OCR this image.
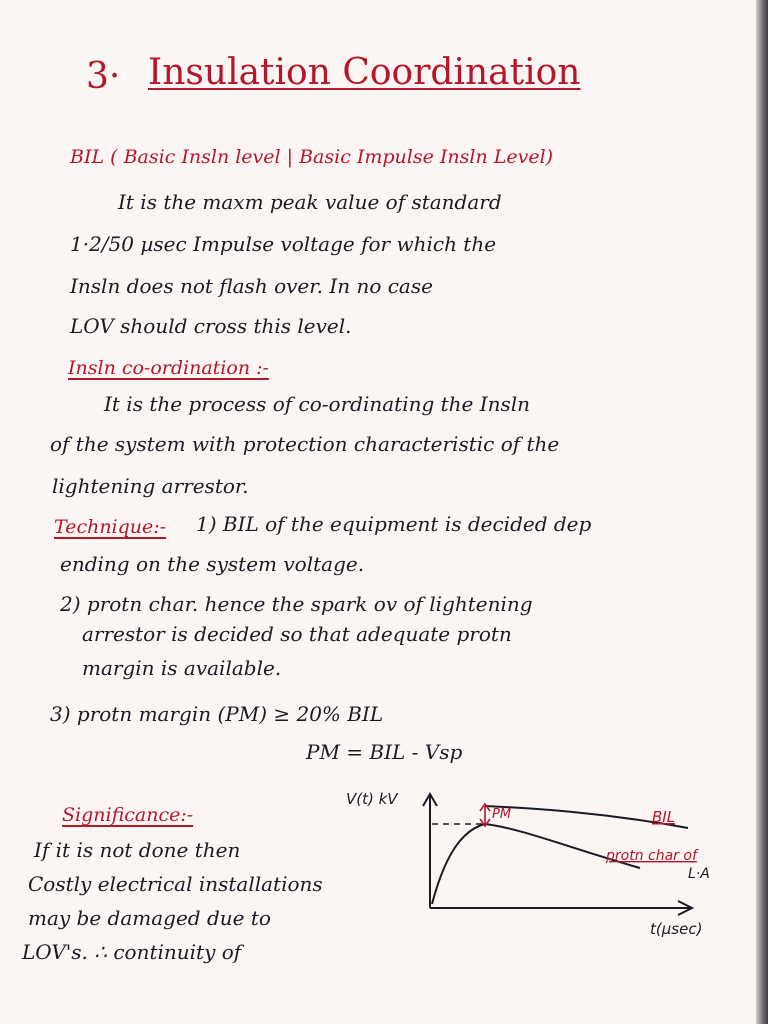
3· Insulation Coordination
BIL ( Basic Insln level | Basic Impulse Insln Level)
It is the maxm peak value of standard
1·2/50 µsec Impulse voltage for which the
Insln does not flash over. In no case
LOV should cross this level.
Insln co-ordination :-
It is the process of co-ordinating the Insln
of the system with protection characteristic of the
lightening arrestor.
Technique:- 1) BIL of the equipment is decided dep
ending on the system voltage.
2) protn char. hence the spark ov of lightening
arrestor is decided so that adequate protn
margin is available.
3) protn margin (PM) ≥ 20% BIL
PM = BIL - Vsp
Significance:-
If it is not done then
Costly electrical installations
may be damaged due to
LOV's. ∴ continuity of
V(t) kV
t(µsec)
PM	BIL
protn char of
L·A
